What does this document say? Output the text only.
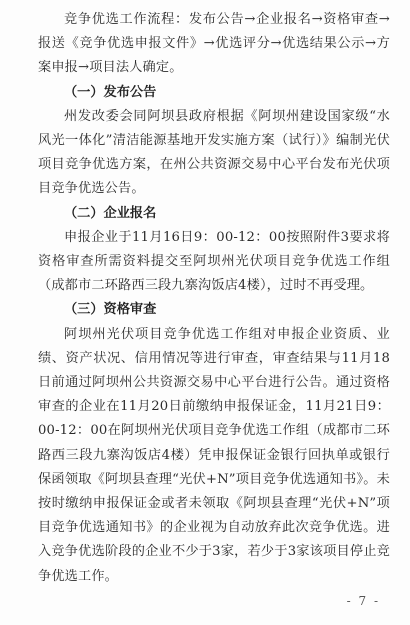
竞争优选工作流程：发布公告→企业报名→资格审查→报送《竞争优选申报文件》→优选评分→优选结果公示→方案申报→项目法人确定。

（一）发布公告

州发改委会同阿坝县政府根据《阿坝州建设国家级“水风光一体化”清洁能源基地开发实施方案（试行）》编制光伏项目竞争优选方案，在州公共资源交易中心平台发布光伏项目竞争优选公告。

（二）企业报名

申报企业于11月16日9：00-12：00按照附件3要求将资格审查所需资料提交至阿坝州光伏项目竞争优选工作组（成都市二环路西三段九寨沟饭店4楼），过时不再受理。

（三）资格审查

阿坝州光伏项目竞争优选工作组对申报企业资质、业绩、资产状况、信用情况等进行审查，审查结果与11月18日前通过阿坝州公共资源交易中心平台进行公告。通过资格审查的企业在11月20日前缴纳申报保证金，11月21日9：00-12：00在阿坝州光伏项目竞争优选工作组（成都市二环路西三段九寨沟饭店4楼）凭申报保证金银行回执单或银行保函领取《阿坝县查理“光伏+N”项目竞争优选通知书》。未按时缴纳申报保证金或者未领取《阿坝县查理“光伏+N”项目竞争优选通知书》的企业视为自动放弃此次竞争优选。进入竞争优选阶段的企业不少于3家，若少于3家该项目停止竞争优选工作。

- 7 -
